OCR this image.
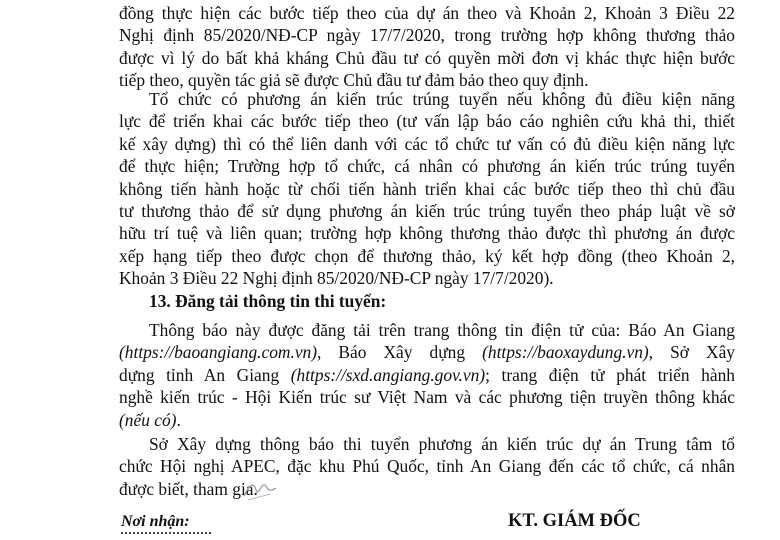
đồng thực hiện các bước tiếp theo của dự án theo và Khoản 2, Khoản 3 Điều 22
Nghị định 85/2020/NĐ-CP ngày 17/7/2020, trong trường hợp không thương thảo
được vì lý do bất khả kháng Chủ đầu tư có quyền mời đơn vị khác thực hiện bước
tiếp theo, quyền tác giả sẽ được Chủ đầu tư đảm bảo theo quy định.

Tổ chức có phương án kiến trúc trúng tuyển nếu không đủ điều kiện năng
lực để triển khai các bước tiếp theo (tư vấn lập báo cáo nghiên cứu khả thi, thiết
kế xây dựng) thì có thể liên danh với các tổ chức tư vấn có đủ điều kiện năng lực
để thực hiện; Trường hợp tổ chức, cá nhân có phương án kiến trúc trúng tuyển
không tiến hành hoặc từ chối tiến hành triển khai các bước tiếp theo thì chủ đầu
tư thương thảo để sử dụng phương án kiến trúc trúng tuyển theo pháp luật về sở
hữu trí tuệ và liên quan; trường hợp không thương thảo được thì phương án được
xếp hạng tiếp theo được chọn để thương thảo, ký kết hợp đồng (theo Khoản 2,
Khoản 3 Điều 22 Nghị định 85/2020/NĐ-CP ngày 17/7/2020).

13. Đăng tải thông tin thi tuyển:

Thông báo này được đăng tải trên trang thông tin điện tử của: Báo An Giang
(https://baoangiang.com.vn), Báo Xây dựng (https://baoxaydung.vn), Sở Xây
dựng tỉnh An Giang (https://sxd.angiang.gov.vn); trang điện tử phát triển hành
nghề kiến trúc - Hội Kiến trúc sư Việt Nam và các phương tiện truyền thông khác
(nếu có).

Sở Xây dựng thông báo thi tuyển phương án kiến trúc dự án Trung tâm tổ
chức Hội nghị APEC, đặc khu Phú Quốc, tỉnh An Giang đến các tổ chức, cá nhân
được biết, tham gia.

Nơi nhận:	KT. GIÁM ĐỐC
